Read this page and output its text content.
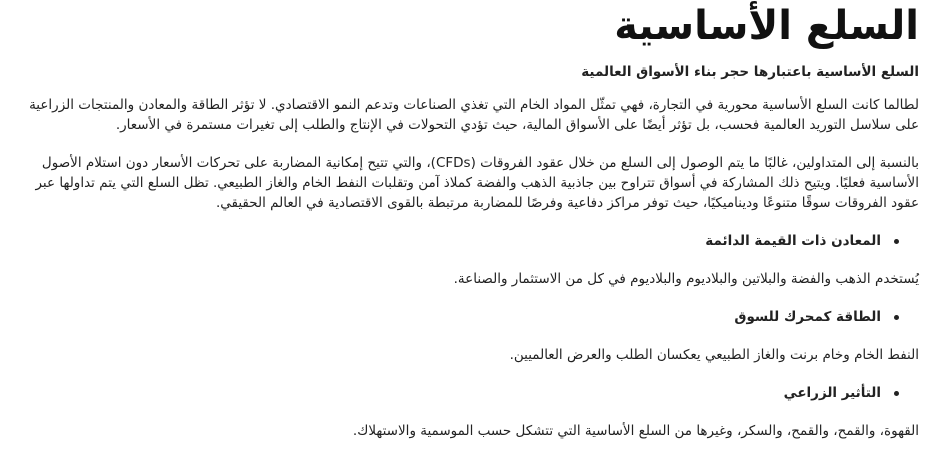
السلع الأساسية
السلع الأساسية باعتبارها حجر بناء الأسواق العالمية
لطالما كانت السلع الأساسية محورية في التجارة، فهي تمثّل المواد الخام التي تغذي الصناعات وتدعم النمو الاقتصادي. لا تؤثر الطاقة والمعادن والمنتجات الزراعية على سلاسل التوريد العالمية فحسب، بل تؤثر أيضًا على الأسواق المالية، حيث تؤدي التحولات في الإنتاج والطلب إلى تغيرات مستمرة في الأسعار.
بالنسبة إلى المتداولين، غالبًا ما يتم الوصول إلى السلع من خلال عقود الفروقات (CFDs)، والتي تتيح إمكانية المضاربة على تحركات الأسعار دون استلام الأصول الأساسية فعليًا. ويتيح ذلك المشاركة في أسواق تتراوح بين جاذبية الذهب والفضة كملاذ آمن وتقلبات النفط الخام والغاز الطبيعي. تظل السلع التي يتم تداولها عبر عقود الفروقات سوقًا متنوعًا وديناميكيًا، حيث توفر مراكز دفاعية وفرصًا للمضاربة مرتبطة بالقوى الاقتصادية في العالم الحقيقي.
المعادن ذات القيمة الدائمة
يُستخدم الذهب والفضة والبلاتين والبلاديوم والبلاديوم في كل من الاستثمار والصناعة.
الطاقة كمحرك للسوق
النفط الخام وخام برنت والغاز الطبيعي يعكسان الطلب والعرض العالميين.
التأثير الزراعي
القهوة، والقمح، والقمح، والسكر، وغيرها من السلع الأساسية التي تتشكل حسب الموسمية والاستهلاك.
